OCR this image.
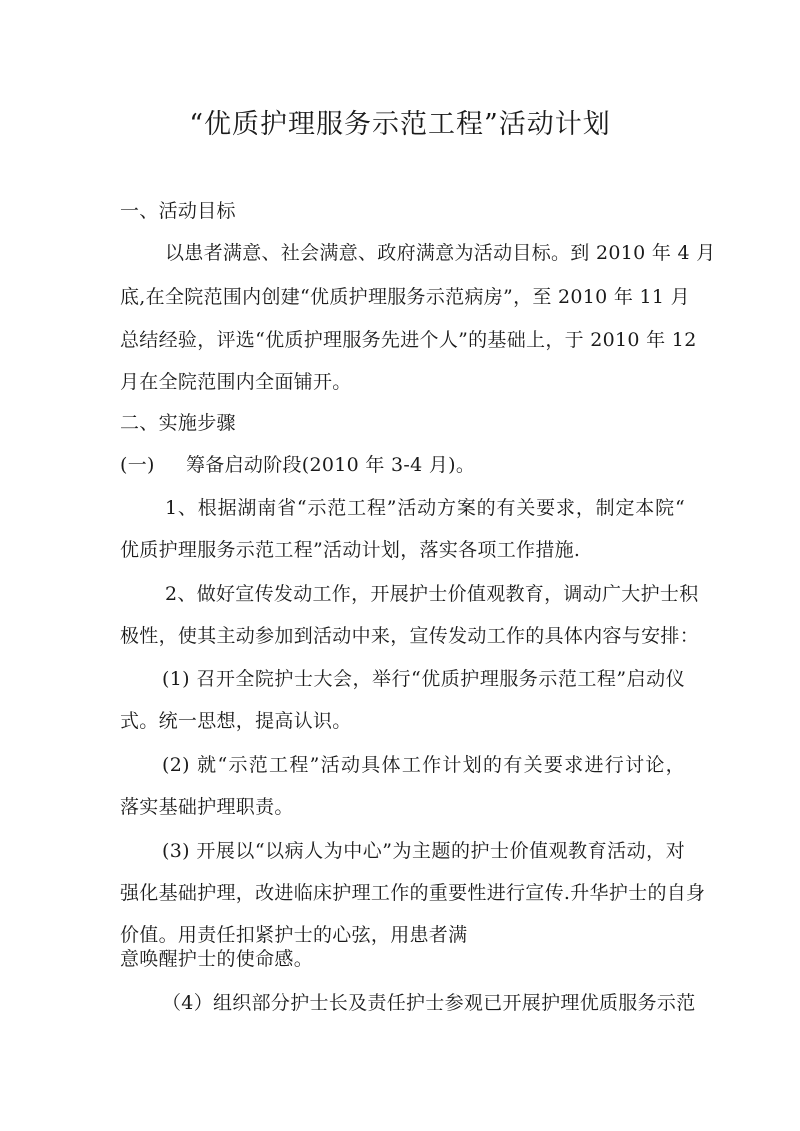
“优质护理服务示范工程”活动计划
一、活动目标
以患者满意、社会满意、政府满意为活动目标。到 2010 年 4 月
底,在全院范围内创建“优质护理服务示范病房”，至 2010 年 11 月
总结经验，评选“优质护理服务先进个人”的基础上，于 2010 年 12
月在全院范围内全面铺开。
二、实施步骤
(一) 筹备启动阶段(2010 年 3-4 月)。
1、根据湖南省“示范工程”活动方案的有关要求，制定本院“
优质护理服务示范工程”活动计划，落实各项工作措施.
2、做好宣传发动工作，开展护士价值观教育，调动广大护士积
极性，使其主动参加到活动中来，宣传发动工作的具体内容与安排：
(1) 召开全院护士大会，举行“优质护理服务示范工程”启动仪
式。统一思想，提高认识。
(2) 就“示范工程”活动具体工作计划的有关要求进行讨论，
落实基础护理职责。
(3) 开展以“以病人为中心”为主题的护士价值观教育活动，对
强化基础护理，改进临床护理工作的重要性进行宣传.升华护士的自身
价值。用责任扣紧护士的心弦，用患者满
意唤醒护士的使命感。
（4）组织部分护士长及责任护士参观已开展护理优质服务示范
